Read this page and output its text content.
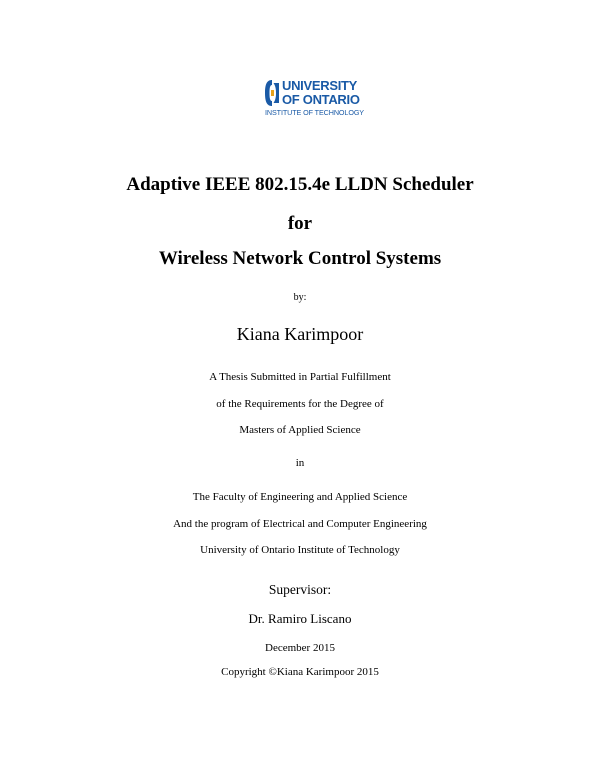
UNIVERSITY
OF ONTARIO
INSTITUTE OF TECHNOLOGY
Adaptive IEEE 802.15.4e LLDN Scheduler
for
Wireless Network Control Systems
by:
Kiana Karimpoor
A Thesis Submitted in Partial Fulfillment
of the Requirements for the Degree of
Masters of Applied Science
in
The Faculty of Engineering and Applied Science
And the program of Electrical and Computer Engineering
University of Ontario Institute of Technology
Supervisor:
Dr. Ramiro Liscano
December 2015
Copyright ©Kiana Karimpoor 2015
